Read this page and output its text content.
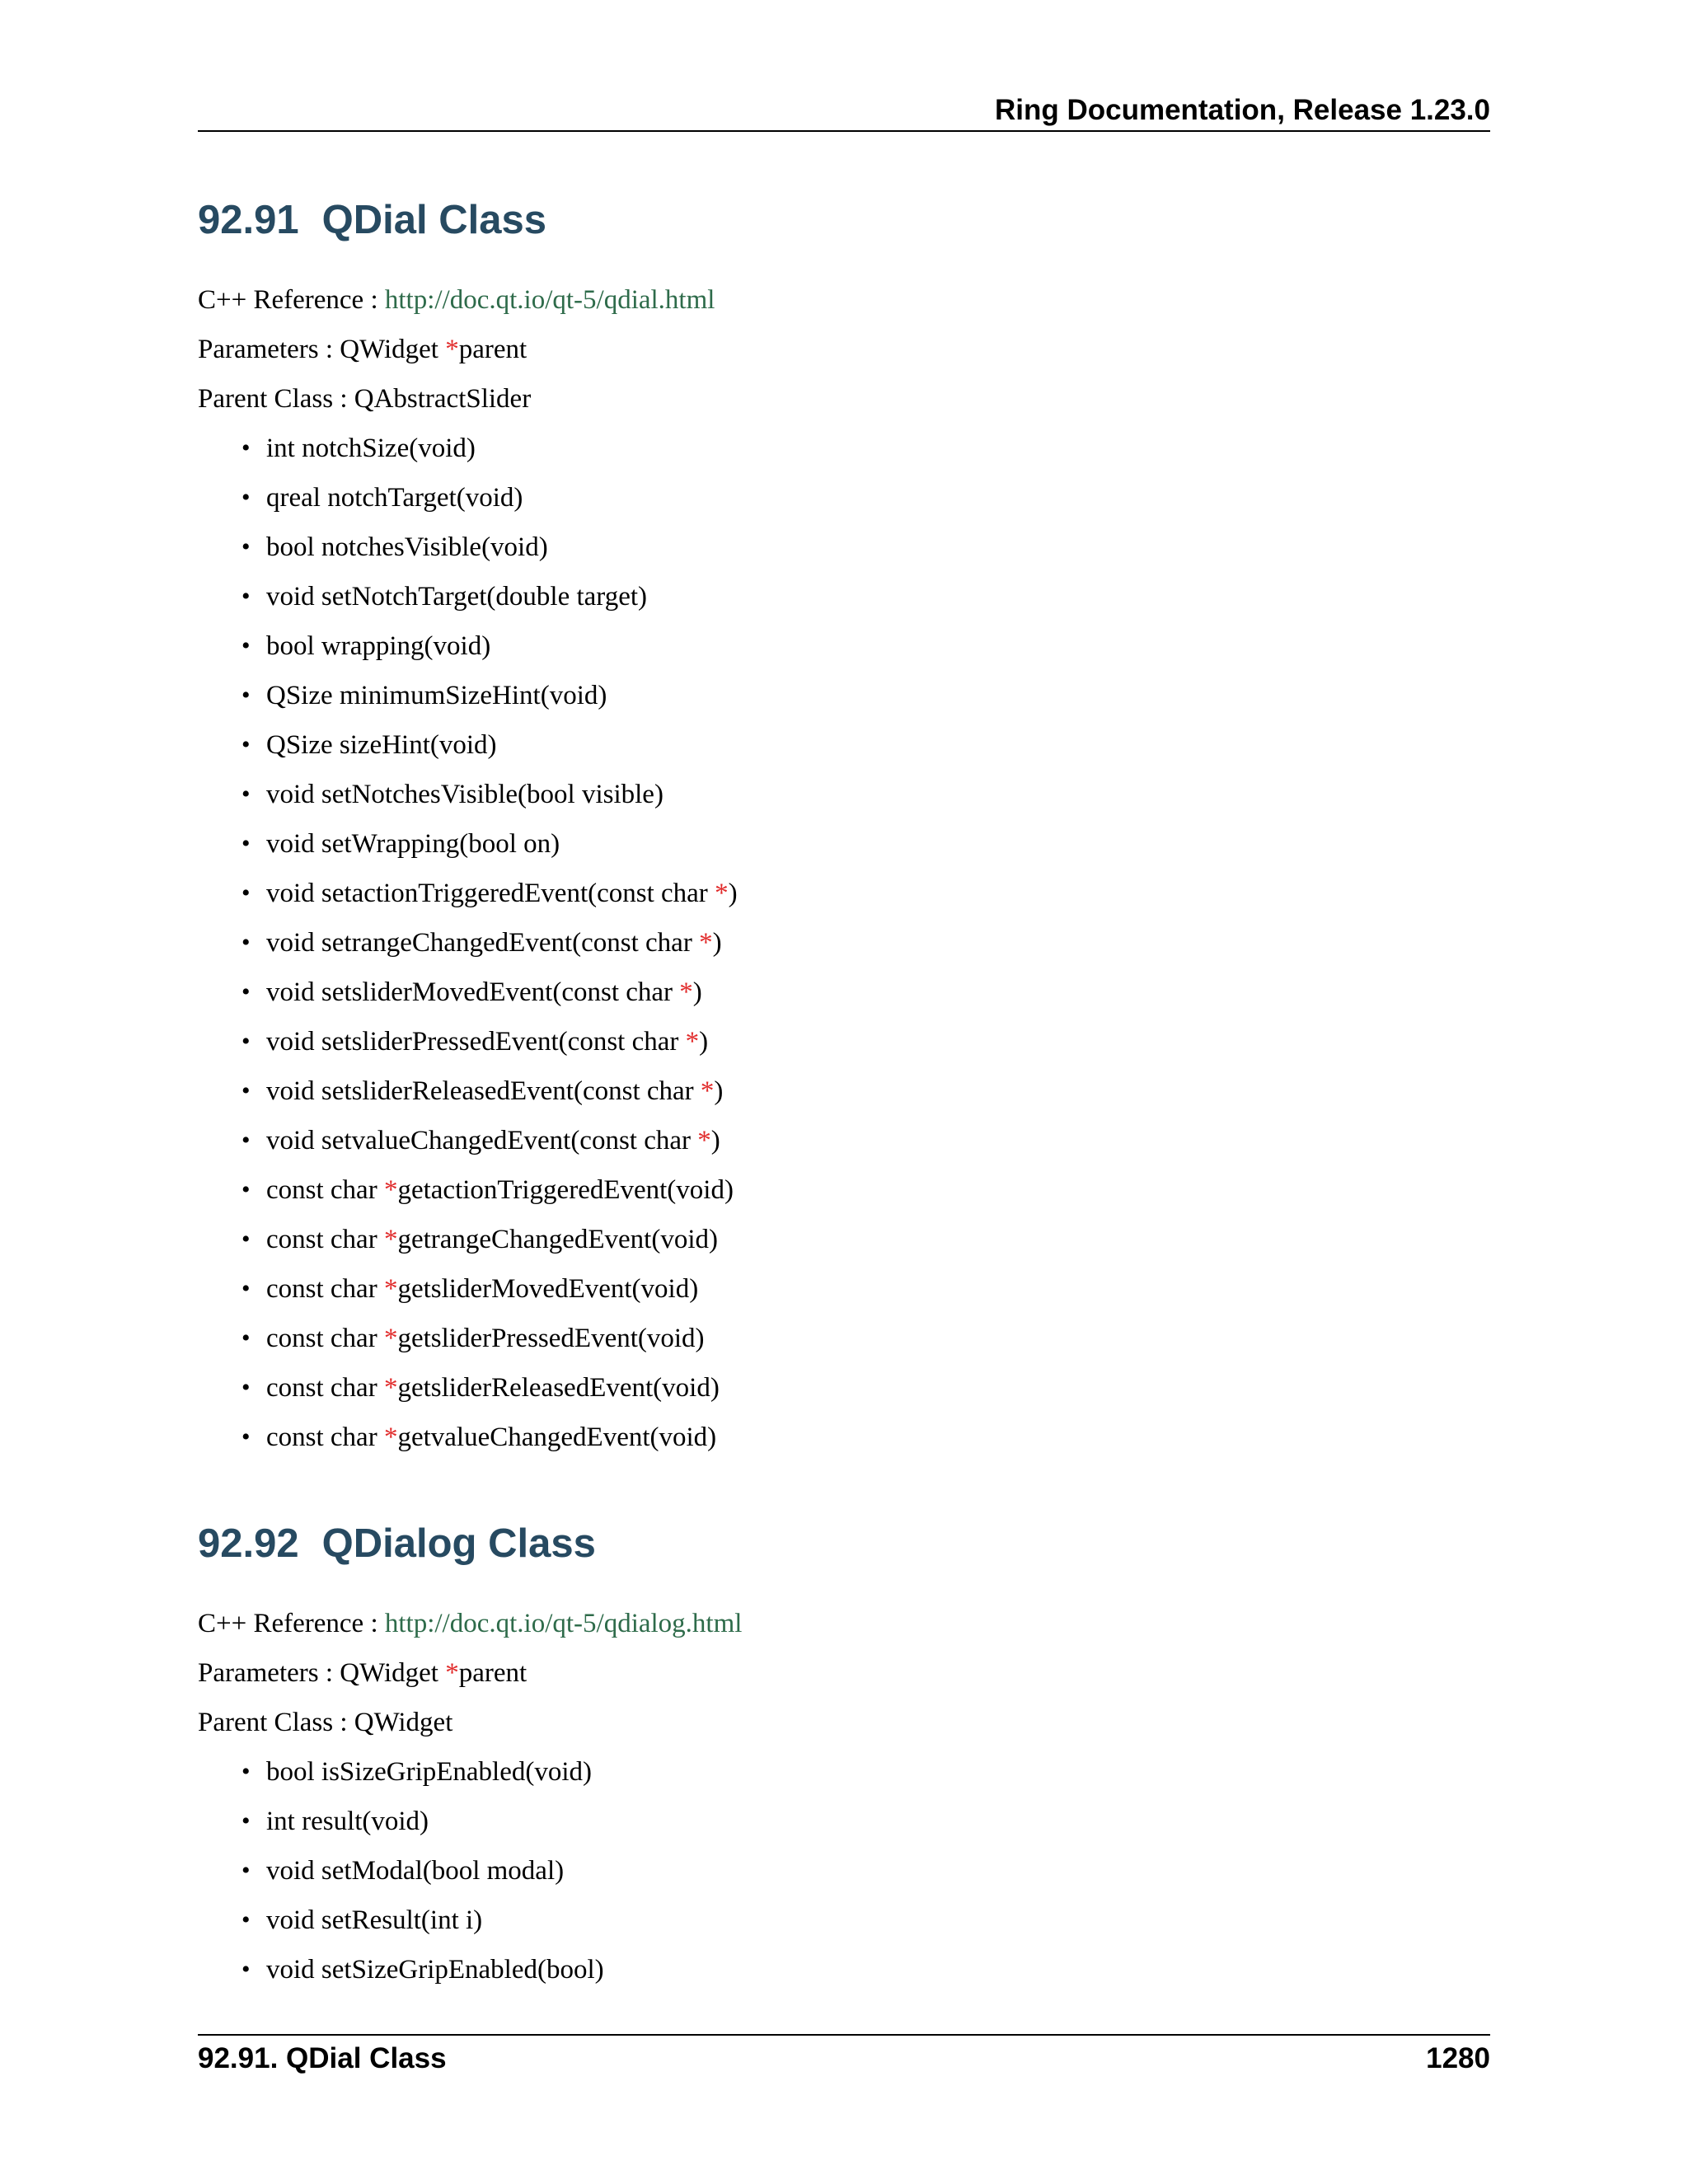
Ring Documentation, Release 1.23.0
92.91 QDial Class

C++ Reference : http://doc.qt.io/qt-5/qdial.html

Parameters : QWidget *parent

Parent Class : QAbstractSlider

• int notchSize(void)
• qreal notchTarget(void)
• bool notchesVisible(void)
• void setNotchTarget(double target)
• bool wrapping(void)
• QSize minimumSizeHint(void)
• QSize sizeHint(void)
• void setNotchesVisible(bool visible)
• void setWrapping(bool on)
• void setactionTriggeredEvent(const char *)
• void setrangeChangedEvent(const char *)
• void setsliderMovedEvent(const char *)
• void setsliderPressedEvent(const char *)
• void setsliderReleasedEvent(const char *)
• void setvalueChangedEvent(const char *)
• const char *getactionTriggeredEvent(void)
• const char *getrangeChangedEvent(void)
• const char *getsliderMovedEvent(void)
• const char *getsliderPressedEvent(void)
• const char *getsliderReleasedEvent(void)
• const char *getvalueChangedEvent(void)
92.92 QDialog Class

C++ Reference : http://doc.qt.io/qt-5/qdialog.html

Parameters : QWidget *parent

Parent Class : QWidget

• bool isSizeGripEnabled(void)
• int result(void)
• void setModal(bool modal)
• void setResult(int i)
• void setSizeGripEnabled(bool)
92.91. QDial Class	1280
